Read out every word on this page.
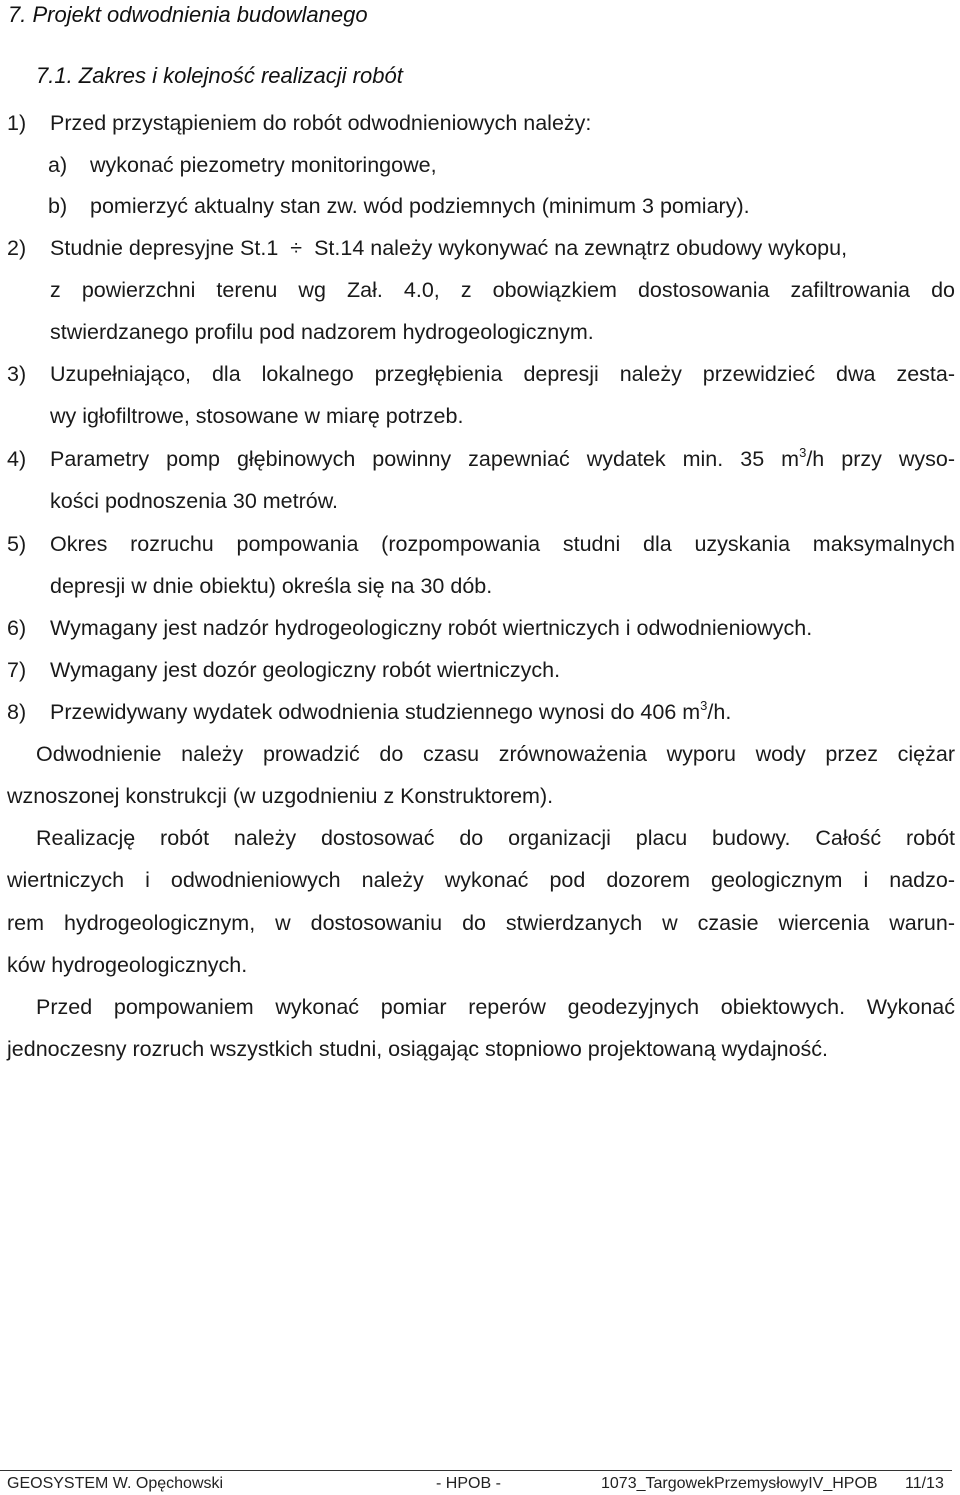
7. Projekt odwodnienia budowlanego
7.1. Zakres i kolejność realizacji robót
1) Przed przystąpieniem do robót odwodnieniowych należy:
a) wykonać piezometry monitoringowe,
b) pomierzyć aktualny stan zw. wód podziemnych (minimum 3 pomiary).
2) Studnie depresyjne St.1 ÷ St.14 należy wykonywać na zewnątrz obudowy wykopu,
z powierzchni terenu wg Zał. 4.0, z obowiązkiem dostosowania zafiltrowania do
stwierdzanego profilu pod nadzorem hydrogeologicznym.
3) Uzupełniająco, dla lokalnego przegłębienia depresji należy przewidzieć dwa zesta-
wy igłofiltrowe, stosowane w miarę potrzeb.
4) Parametry pomp głębinowych powinny zapewniać wydatek min. 35 $m^3/h$ przy wyso-
kości podnoszenia 30 metrów.
5) Okres rozruchu pompowania (rozpompowania studni dla uzyskania maksymalnych
depresji w dnie obiektu) określa się na 30 dób.
6) Wymagany jest nadzór hydrogeologiczny robót wiertniczych i odwodnieniowych.
7) Wymagany jest dozór geologiczny robót wiertniczych.
8) Przewidywany wydatek odwodnienia studziennego wynosi do 406 $m^3/h$.
Odwodnienie należy prowadzić do czasu zrównoważenia wyporu wody przez ciężar
wznoszonej konstrukcji (w uzgodnieniu z Konstruktorem).
Realizację robót należy dostosować do organizacji placu budowy. Całość robót
wiertniczych i odwodnieniowych należy wykonać pod dozorem geologicznym i nadzo-
rem hydrogeologicznym, w dostosowaniu do stwierdzanych w czasie wiercenia warun-
ków hydrogeologicznych.
Przed pompowaniem wykonać pomiar reperów geodezyjnych obiektowych. Wykonać
jednoczesny rozruch wszystkich studni, osiągając stopniowo projektowaną wydajność.
GEOSYSTEM W. Opęchowski	- HPOB -	1073_TargowekPrzemysłowyIV_HPOB 11/13
